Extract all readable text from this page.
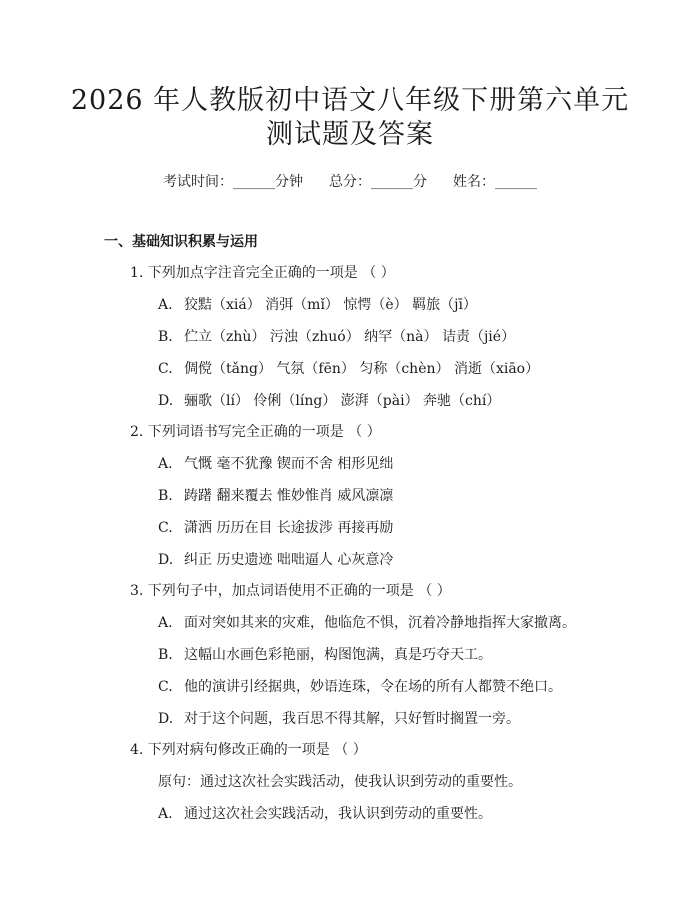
2026 年人教版初中语文八年级下册第六单元
测试题及答案
考试时间：______分钟 总分：______分 姓名：______
一、基础知识积累与运用
1. 下列加点字注音完全正确的一项是 （ ）
A. 狡黠（xiá） 消弭（mǐ） 惊愕（è） 羁旅（jī）
B. 伫立（zhù） 污浊（zhuó） 纳罕（nà） 诘责（jié）
C. 倜傥（tǎng） 气氛（fēn） 匀称（chèn） 消逝（xiāo）
D. 骊歌（lí） 伶俐（líng） 澎湃（pài） 奔驰（chí）
2. 下列词语书写完全正确的一项是 （ ）
A. 气慨 毫不犹豫 锲而不舍 相形见绌
B. 踌躇 翻来覆去 惟妙惟肖 威风凛凛
C. 潇洒 历历在目 长途拔涉 再接再励
D. 纠正 历史遗迹 咄咄逼人 心灰意冷
3. 下列句子中，加点词语使用不正确的一项是 （ ）
A. 面对突如其来的灾难，他临危不惧，沉着冷静地指挥大家撤离。
B. 这幅山水画色彩艳丽，构图饱满，真是巧夺天工。
C. 他的演讲引经据典，妙语连珠，令在场的所有人都赞不绝口。
D. 对于这个问题，我百思不得其解，只好暂时搁置一旁。
4. 下列对病句修改正确的一项是 （ ）
原句：通过这次社会实践活动，使我认识到劳动的重要性。
A. 通过这次社会实践活动，我认识到劳动的重要性。
